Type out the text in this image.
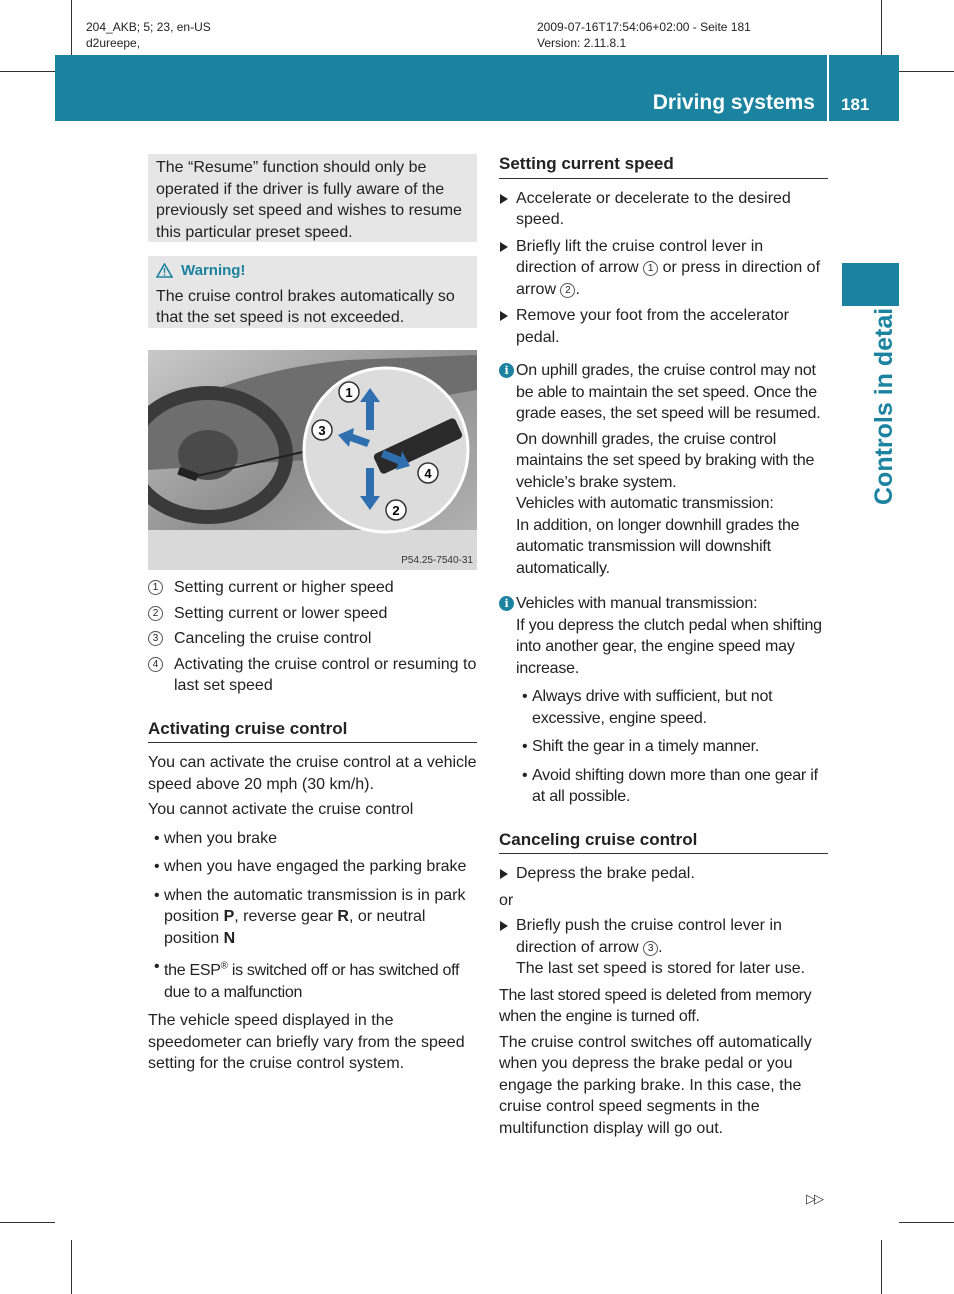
204_AKB; 5; 23, en-US
d2ureepe,
2009-07-16T17:54:06+02:00 - Seite 181
Version: 2.11.8.1
Driving systems 181
Controls in detail
The “Resume” function should only be operated if the driver is fully aware of the previously set speed and wishes to resume this particular preset speed.
Warning!
The cruise control brakes automatically so that the set speed is not exceeded.
1
3
4
2
P54.25-7540-31
1 Setting current or higher speed
2 Setting current or lower speed
3 Canceling the cruise control
4 Activating the cruise control or resuming to last set speed
Activating cruise control
You can activate the cruise control at a vehicle speed above 20 mph (30 km/h).
You cannot activate the cruise control
• when you brake
• when you have engaged the parking brake
• when the automatic transmission is in park position P, reverse gear R, or neutral position N
• the ESP® is switched off or has switched off due to a malfunction
The vehicle speed displayed in the speedometer can briefly vary from the speed setting for the cruise control system.
Setting current speed
Accelerate or decelerate to the desired speed.
Briefly lift the cruise control lever in direction of arrow 1 or press in direction of arrow 2 .
Remove your foot from the accelerator pedal.
i On uphill grades, the cruise control may not be able to maintain the set speed. Once the grade eases, the set speed will be resumed.
On downhill grades, the cruise control maintains the set speed by braking with the vehicle’s brake system.
Vehicles with automatic transmission:
In addition, on longer downhill grades the automatic transmission will downshift automatically.
i Vehicles with manual transmission:
If you depress the clutch pedal when shifting into another gear, the engine speed may increase.
• Always drive with sufficient, but not excessive, engine speed.
• Shift the gear in a timely manner.
• Avoid shifting down more than one gear if at all possible.
Canceling cruise control
Depress the brake pedal.
or
Briefly push the cruise control lever in direction of arrow 3 .
The last set speed is stored for later use.
The last stored speed is deleted from memory when the engine is turned off.
The cruise control switches off automatically when you depress the brake pedal or you engage the parking brake. In this case, the cruise control speed segments in the multifunction display will go out.
▷▷
